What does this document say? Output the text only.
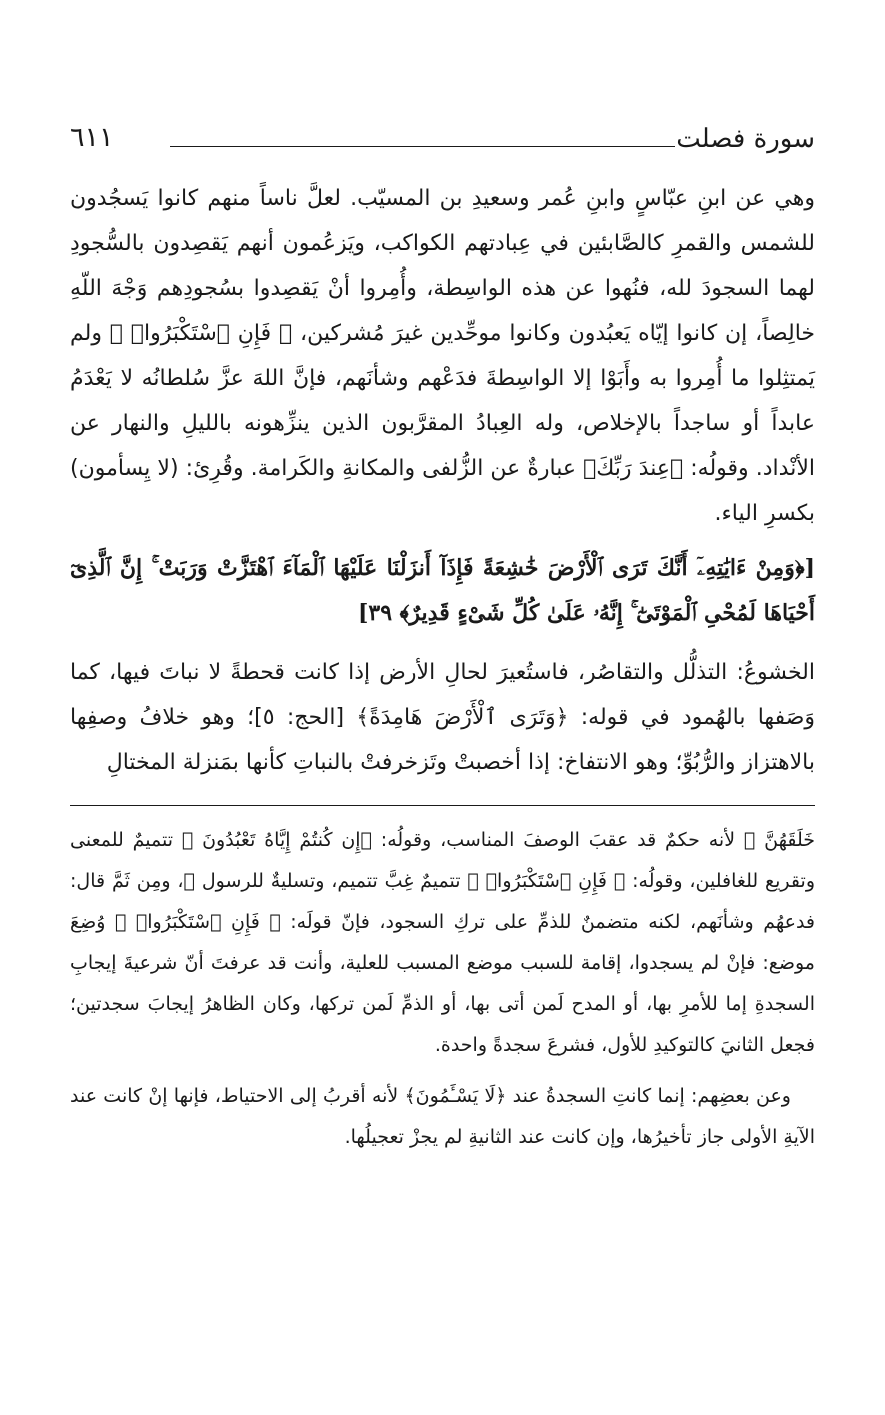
سورة فصلت
٦١١

وهي عن ابنِ عبّاسٍ وابنِ عُمر وسعيدِ بن المسيّب. لعلَّ ناساً منهم كانوا يَسجُدون للشمس والقمرِ كالصَّابئين في عِبادتهم الكواكب، ويَزعُمون أنهم يَقصِدون بالسُّجودِ لهما السجودَ لله، فنُهوا عن هذه الواسِطة، وأُمِروا أنْ يَقصِدوا بسُجودِهم وَجْهَ اللّهِ خالِصاً، إن كانوا إيّاه يَعبُدون وكانوا موحِّدين غيرَ مُشركين، ﴿ فَإِنِ ٱسْتَكْبَرُوا۟ ﴾ ولم يَمتثِلوا ما أُمِروا به وأَبَوْا إلا الواسِطةَ فدَعْهم وشأنَهم، فإنَّ اللهَ عزَّ سُلطانُه لا يَعْدَمُ عابداً أو ساجداً بالإخلاص، وله العِبادُ المقرَّبون الذين ينزِّهونه بالليلِ والنهار عن الأنْداد. وقولُه: ﴿عِندَ رَبِّكَ﴾ عبارةٌ عن الزُّلفى والمكانةِ والكَرامة. وقُرِئ: (لا يِسأمون) بكسرِ الياء.

[﴿وَمِنْ ءَايَٰتِهِۦٓ أَنَّكَ تَرَى ٱلْأَرْضَ خَٰشِعَةً فَإِذَآ أَنزَلْنَا عَلَيْهَا ٱلْمَآءَ ٱهْتَزَّتْ وَرَبَتْ ۚ إِنَّ ٱلَّذِىٓ أَحْيَاهَا لَمُحْىِ ٱلْمَوْتَىٰٓ ۚ إِنَّهُۥ عَلَىٰ كُلِّ شَىْءٍ قَدِيرٌ﴾ ٣٩]
الخشوعُ: التذلُّل والتقاصُر، فاستُعيرَ لحالِ الأرض إذا كانت قحطةً لا نباتَ فيها، كما وَصَفها بالهُمود في قوله: ﴿وَتَرَى ٱلْأَرْضَ هَامِدَةً﴾ [الحج: ٥]؛ وهو خلافُ وصفِها بالاهتزاز والرُّبُوِّ؛ وهو الانتفاخ: إذا أخصبتْ وتَزخرفتْ بالنباتِ كأنها بمَنزلة المختالِ

خَلَقَهُنَّ ﴾ لأنه حكمٌ قد عقبَ الوصفَ المناسب، وقولُه: ﴿إِن كُنتُمْ إِيَّاهُ تَعْبُدُونَ ﴾ تتميمٌ للمعنى وتقريع للغافلين، وقولُه: ﴿ فَإِنِ ٱسْتَكْبَرُوا۟ ﴾ تتميمٌ غِبَّ تتميم، وتسليةٌ للرسول ﷺ، ومِن ثَمَّ قال: فدعهُم وشأنَهم، لكنه متضمنٌ للذمِّ على تركِ السجود، فإنّ قولَه: ﴿ فَإِنِ ٱسْتَكْبَرُوا۟ ﴾ وُضِعَ موضع: فإنْ لم يسجدوا، إقامة للسبب موضع المسبب للعلية، وأنت قد عرفتَ أنّ شرعيةَ إيجابِ السجدةِ إما للأمرِ بها، أو المدح لَمن أتى بها، أو الذمِّ لَمن تركها، وكان الظاهرُ إيجابَ سجدتين؛ فجعل الثانيَ كالتوكيدِ للأول، فشرعَ سجدةً واحدة.

وعن بعضِهم: إنما كانتِ السجدةُ عند ﴿لَا يَسْـَٔمُونَ﴾ لأنه أقربُ إلى الاحتياط، فإنها إنْ كانت عند الآيةِ الأولى جاز تأخيرُها، وإن كانت عند الثانيةِ لم يجزْ تعجيلُها.
